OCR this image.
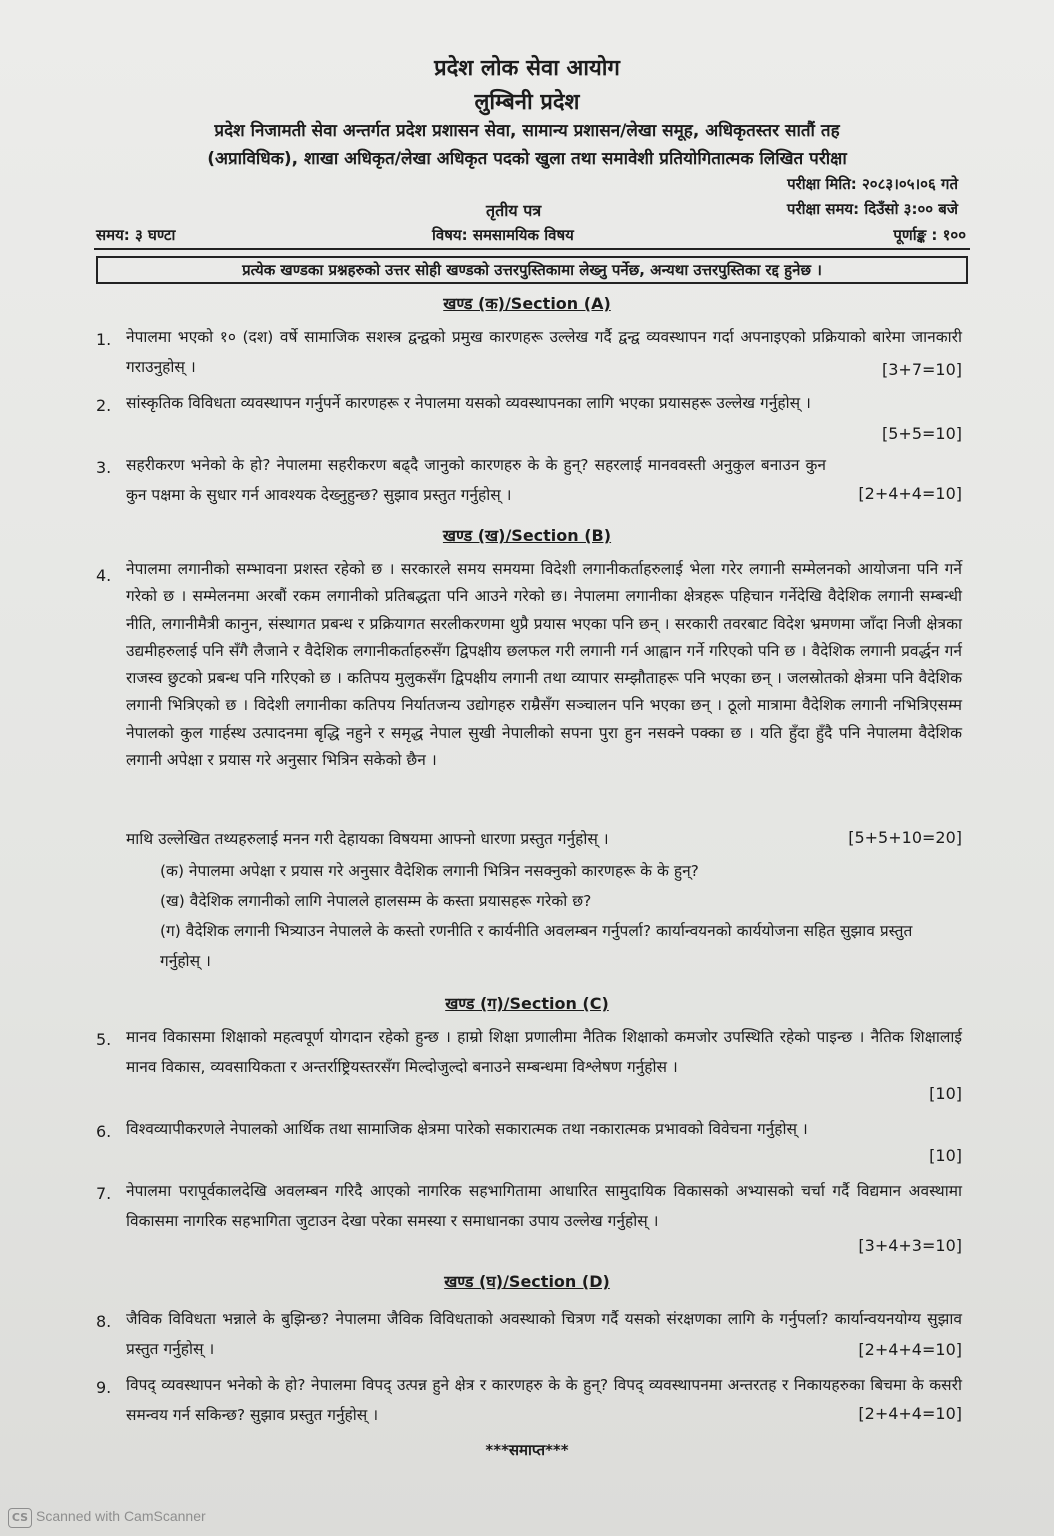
प्रदेश लोक सेवा आयोग
लुम्बिनी प्रदेश
प्रदेश निजामती सेवा अन्तर्गत प्रदेश प्रशासन सेवा, सामान्य प्रशासन/लेखा समूह, अधिकृतस्तर सातौं तह
(अप्राविधिक), शाखा अधिकृत/लेखा अधिकृत पदको खुला तथा समावेशी प्रतियोगितात्मक लिखित परीक्षा
परीक्षा मिति: २०८३।०५।०६ गते
तृतीय पत्र	परीक्षा समय: दिउँसो ३:०० बजे
समय: ३ घण्टा	विषय: समसामयिक विषय	पूर्णाङ्क : १००
प्रत्येक खण्डका प्रश्नहरुको उत्तर सोही खण्डको उत्तरपुस्तिकामा लेख्नु पर्नेछ, अन्यथा उत्तरपुस्तिका रद्द हुनेछ ।
खण्ड (क)/Section (A)
1. नेपालमा भएको १० (दश) वर्षे सामाजिक सशस्त्र द्वन्द्वको प्रमुख कारणहरू उल्लेख गर्दै द्वन्द्व व्यवस्थापन गर्दा अपनाइएको प्रक्रियाको बारेमा जानकारी गराउनुहोस् ।	[3+7=10]
2. सांस्कृतिक विविधता व्यवस्थापन गर्नुपर्ने कारणहरू र नेपालमा यसको व्यवस्थापनका लागि भएका प्रयासहरू उल्लेख गर्नुहोस् ।
[5+5=10]
3. सहरीकरण भनेको के हो? नेपालमा सहरीकरण बढ्दै जानुको कारणहरु के के हुन्? सहरलाई मानववस्ती अनुकुल बनाउन कुन कुन पक्षमा के सुधार गर्न आवश्यक देख्नुहुन्छ? सुझाव प्रस्तुत गर्नुहोस् ।	[2+4+4=10]
खण्ड (ख)/Section (B)
4. नेपालमा लगानीको सम्भावना प्रशस्त रहेको छ । सरकारले समय समयमा विदेशी लगानीकर्ताहरुलाई भेला गरेर लगानी सम्मेलनको आयोजना पनि गर्ने गरेको छ । सम्मेलनमा अरबौं रकम लगानीको प्रतिबद्धता पनि आउने गरेको छ। नेपालमा लगानीका क्षेत्रहरू पहिचान गर्नेदेखि वैदेशिक लगानी सम्बन्धी नीति, लगानीमैत्री कानुन, संस्थागत प्रबन्ध र प्रक्रियागत सरलीकरणमा थुप्रै प्रयास भएका पनि छन् । सरकारी तवरबाट विदेश भ्रमणमा जाँदा निजी क्षेत्रका उद्यमीहरुलाई पनि सँगै लैजाने र वैदेशिक लगानीकर्ताहरुसँग द्विपक्षीय छलफल गरी लगानी गर्न आह्वान गर्ने गरिएको पनि छ । वैदेशिक लगानी प्रवर्द्धन गर्न राजस्व छुटको प्रबन्ध पनि गरिएको छ । कतिपय मुलुकसँग द्विपक्षीय लगानी तथा व्यापार सम्झौताहरू पनि भएका छन् । जलस्रोतको क्षेत्रमा पनि वैदेशिक लगानी भित्रिएको छ । विदेशी लगानीका कतिपय निर्यातजन्य उद्योगहरु राम्रैसँग सञ्चालन पनि भएका छन् । ठूलो मात्रामा वैदेशिक लगानी नभित्रिएसम्म नेपालको कुल गार्हस्थ उत्पादनमा बृद्धि नहुने र समृद्ध नेपाल सुखी नेपालीको सपना पुरा हुन नसक्ने पक्का छ । यति हुँदा हुँदै पनि नेपालमा वैदेशिक लगानी अपेक्षा र प्रयास गरे अनुसार भित्रिन सकेको छैन ।
माथि उल्लेखित तथ्यहरुलाई मनन गरी देहायका विषयमा आफ्नो धारणा प्रस्तुत गर्नुहोस् ।	[5+5+10=20]
(क) नेपालमा अपेक्षा र प्रयास गरे अनुसार वैदेशिक लगानी भित्रिन नसक्नुको कारणहरू के के हुन्?
(ख) वैदेशिक लगानीको लागि नेपालले हालसम्म के कस्ता प्रयासहरू गरेको छ?
(ग) वैदेशिक लगानी भित्र्याउन नेपालले के कस्तो रणनीति र कार्यनीति अवलम्बन गर्नुपर्ला? कार्यान्वयनको कार्ययोजना सहित सुझाव प्रस्तुत गर्नुहोस् ।
खण्ड (ग)/Section (C)
5. मानव विकासमा शिक्षाको महत्वपूर्ण योगदान रहेको हुन्छ । हाम्रो शिक्षा प्रणालीमा नैतिक शिक्षाको कमजोर उपस्थिति रहेको पाइन्छ । नैतिक शिक्षालाई मानव विकास, व्यवसायिकता र अन्तर्राष्ट्रियस्तरसँग मिल्दोजुल्दो बनाउने सम्बन्धमा विश्लेषण गर्नुहोस ।
[10]
6. विश्वव्यापीकरणले नेपालको आर्थिक तथा सामाजिक क्षेत्रमा पारेको सकारात्मक तथा नकारात्मक प्रभावको विवेचना गर्नुहोस् ।
[10]
7. नेपालमा परापूर्वकालदेखि अवलम्बन गरिदै आएको नागरिक सहभागितामा आधारित सामुदायिक विकासको अभ्यासको चर्चा गर्दै विद्यमान अवस्थामा विकासमा नागरिक सहभागिता जुटाउन देखा परेका समस्या र समाधानका उपाय उल्लेख गर्नुहोस् ।
[3+4+3=10]
खण्ड (घ)/Section (D)
8. जैविक विविधता भन्नाले के बुझिन्छ? नेपालमा जैविक विविधताको अवस्थाको चित्रण गर्दै यसको संरक्षणका लागि के गर्नुपर्ला? कार्यान्वयनयोग्य सुझाव प्रस्तुत गर्नुहोस् ।	[2+4+4=10]
9. विपद् व्यवस्थापन भनेको के हो? नेपालमा विपद् उत्पन्न हुने क्षेत्र र कारणहरु के के हुन्? विपद् व्यवस्थापनमा अन्तरतह र निकायहरुका बिचमा के कसरी समन्वय गर्न सकिन्छ? सुझाव प्रस्तुत गर्नुहोस् ।	[2+4+4=10]
***समाप्त***
CS Scanned with CamScanner
